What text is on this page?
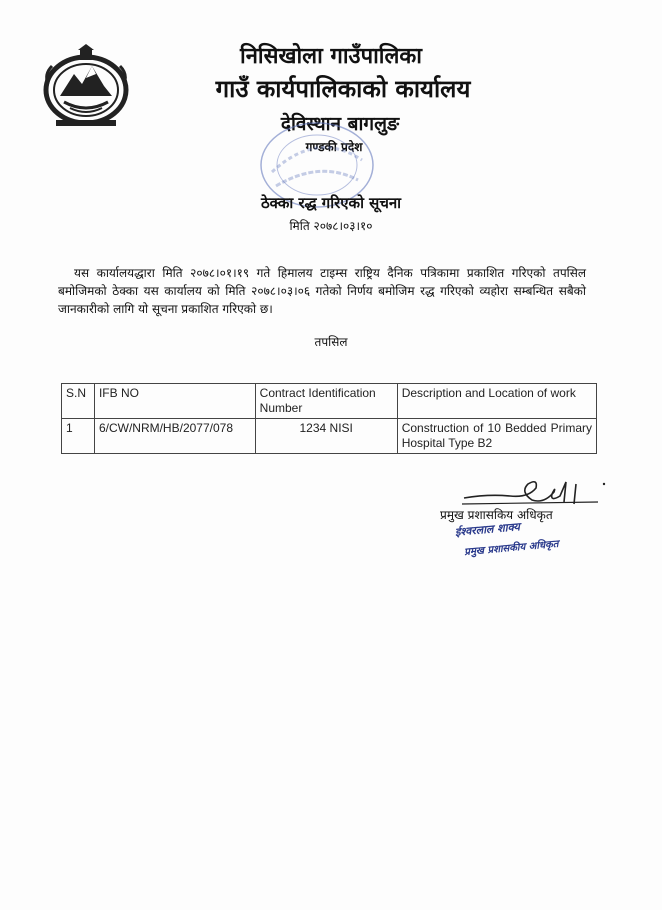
निसिखोला गाउँपालिका
गाउँ कार्यपालिकाको कार्यालय
देविस्थान बागलुङ
गण्डकी प्रदेश
ठेक्का रद्ध गरिएको सूचना
मिति २०७८।०३।१०
यस कार्यालयद्धारा मिति २०७८।०१।१९ गते हिमालय टाइम्स राष्ट्रिय दैनिक पत्रिकामा प्रकाशित गरिएको तपसिल बमोजिमको ठेक्का यस कार्यालय को मिति २०७८।०३।०६ गतेको निर्णय बमोजिम रद्ध गरिएको व्यहोरा सम्बन्धित सबैको जानकारीको लागि यो सूचना प्रकाशित गरिएको छ।
तपसिल
S.N	IFB NO	Contract Identification Number	Description and Location of work
1	6/CW/NRM/HB/2077/078	1234 NISI	Construction of 10 Bedded Primary Hospital Type B2
प्रमुख प्रशासकिय अधिकृत
ईश्वरलाल शाक्य
प्रमुख प्रशासकीय अधिकृत
